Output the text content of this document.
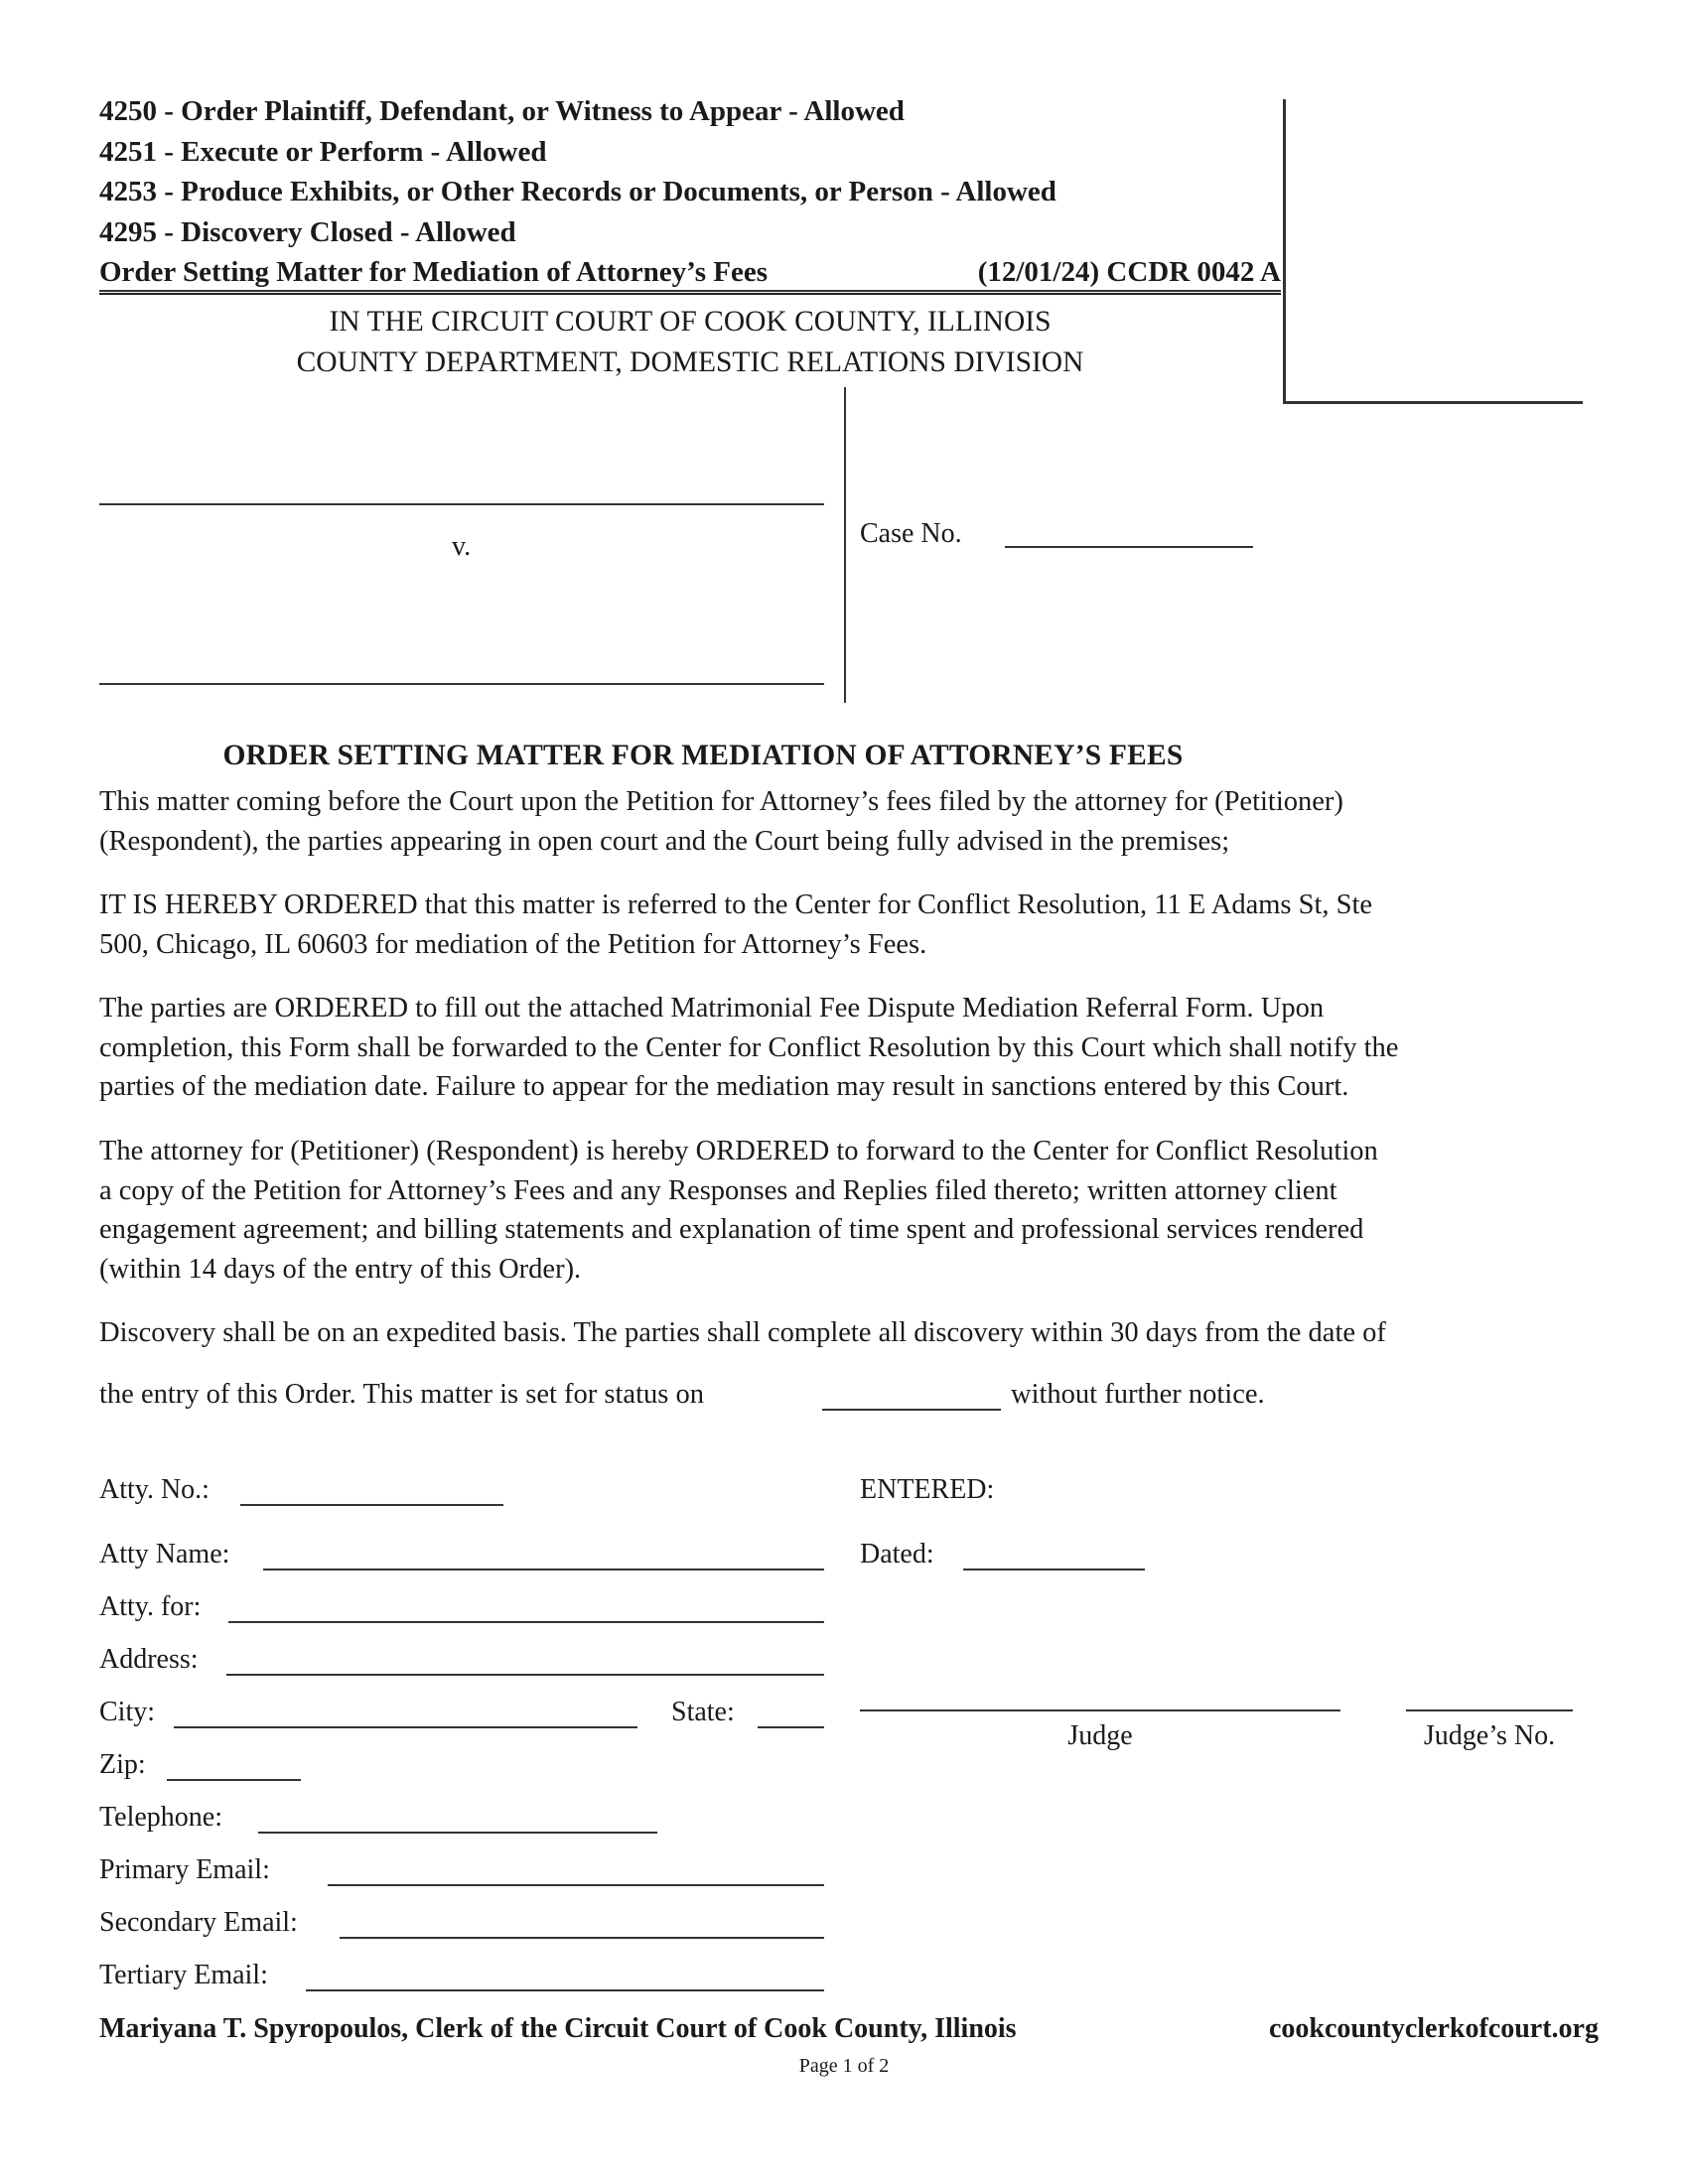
4250 - Order Plaintiff, Defendant, or Witness to Appear - Allowed
4251 - Execute or Perform - Allowed
4253 - Produce Exhibits, or Other Records or Documents, or Person - Allowed
4295 - Discovery Closed - Allowed
Order Setting Matter for Mediation of Attorney’s Fees	(12/01/24) CCDR 0042 A
IN THE CIRCUIT COURT OF COOK COUNTY, ILLINOIS
COUNTY DEPARTMENT, DOMESTIC RELATIONS DIVISION
v.	Case No.
ORDER SETTING MATTER FOR MEDIATION OF ATTORNEY’S FEES
This matter coming before the Court upon the Petition for Attorney’s fees filed by the attorney for (Petitioner)
(Respondent), the parties appearing in open court and the Court being fully advised in the premises;
IT IS HEREBY ORDERED that this matter is referred to the Center for Conflict Resolution, 11 E Adams St, Ste
500, Chicago, IL 60603 for mediation of the Petition for Attorney’s Fees.
The parties are ORDERED to fill out the attached Matrimonial Fee Dispute Mediation Referral Form. Upon
completion, this Form shall be forwarded to the Center for Conflict Resolution by this Court which shall notify the
parties of the mediation date. Failure to appear for the mediation may result in sanctions entered by this Court.
The attorney for (Petitioner) (Respondent) is hereby ORDERED to forward to the Center for Conflict Resolution
a copy of the Petition for Attorney’s Fees and any Responses and Replies filed thereto; written attorney client
engagement agreement; and billing statements and explanation of time spent and professional services rendered
(within 14 days of the entry of this Order).
Discovery shall be on an expedited basis. The parties shall complete all discovery within 30 days from the date of
the entry of this Order. This matter is set for status on	without further notice.
Atty. No.:
Atty Name:
Atty. for:
Address:
City:	State:
Zip:
Telephone:
Primary Email:
Secondary Email:
Tertiary Email:
ENTERED:
Dated:
Judge	Judge’s No.
Mariyana T. Spyropoulos, Clerk of the Circuit Court of Cook County, Illinois	cookcountyclerkofcourt.org
Page 1 of 2
